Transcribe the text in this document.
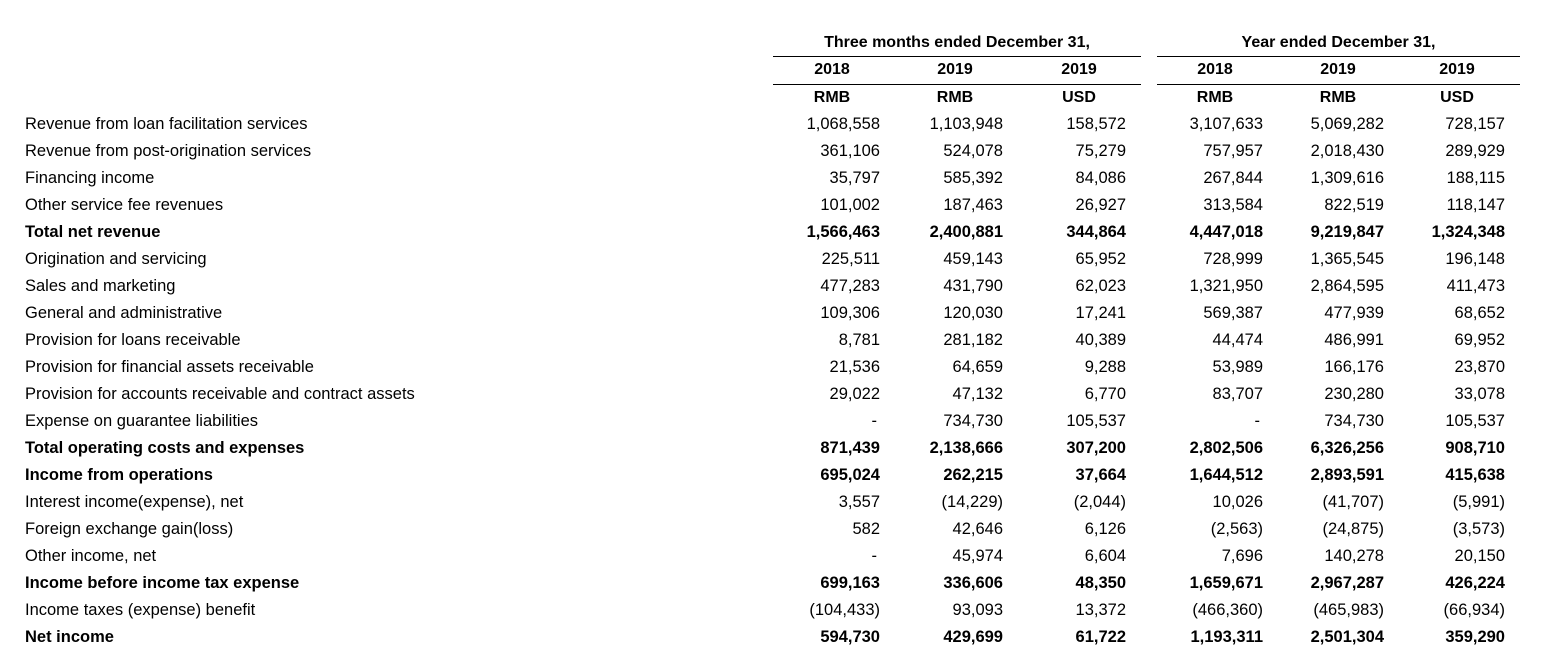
Three months ended December 31,	Year ended December 31,
2018	2019	2019	2018	2019	2019
RMB	RMB	USD	RMB	RMB	USD
Revenue from loan facilitation services	1,068,558	1,103,948	158,572	3,107,633	5,069,282	728,157
Revenue from post-origination services	361,106	524,078	75,279	757,957	2,018,430	289,929
Financing income	35,797	585,392	84,086	267,844	1,309,616	188,115
Other service fee revenues	101,002	187,463	26,927	313,584	822,519	118,147
Total net revenue	1,566,463	2,400,881	344,864	4,447,018	9,219,847	1,324,348
Origination and servicing	225,511	459,143	65,952	728,999	1,365,545	196,148
Sales and marketing	477,283	431,790	62,023	1,321,950	2,864,595	411,473
General and administrative	109,306	120,030	17,241	569,387	477,939	68,652
Provision for loans receivable	8,781	281,182	40,389	44,474	486,991	69,952
Provision for financial assets receivable	21,536	64,659	9,288	53,989	166,176	23,870
Provision for accounts receivable and contract assets	29,022	47,132	6,770	83,707	230,280	33,078
Expense on guarantee liabilities	-	734,730	105,537	-	734,730	105,537
Total operating costs and expenses	871,439	2,138,666	307,200	2,802,506	6,326,256	908,710
Income from operations	695,024	262,215	37,664	1,644,512	2,893,591	415,638
Interest income(expense), net	3,557	(14,229)	(2,044)	10,026	(41,707)	(5,991)
Foreign exchange gain(loss)	582	42,646	6,126	(2,563)	(24,875)	(3,573)
Other income, net	-	45,974	6,604	7,696	140,278	20,150
Income before income tax expense	699,163	336,606	48,350	1,659,671	2,967,287	426,224
Income taxes (expense) benefit	(104,433)	93,093	13,372	(466,360)	(465,983)	(66,934)
Net income	594,730	429,699	61,722	1,193,311	2,501,304	359,290
